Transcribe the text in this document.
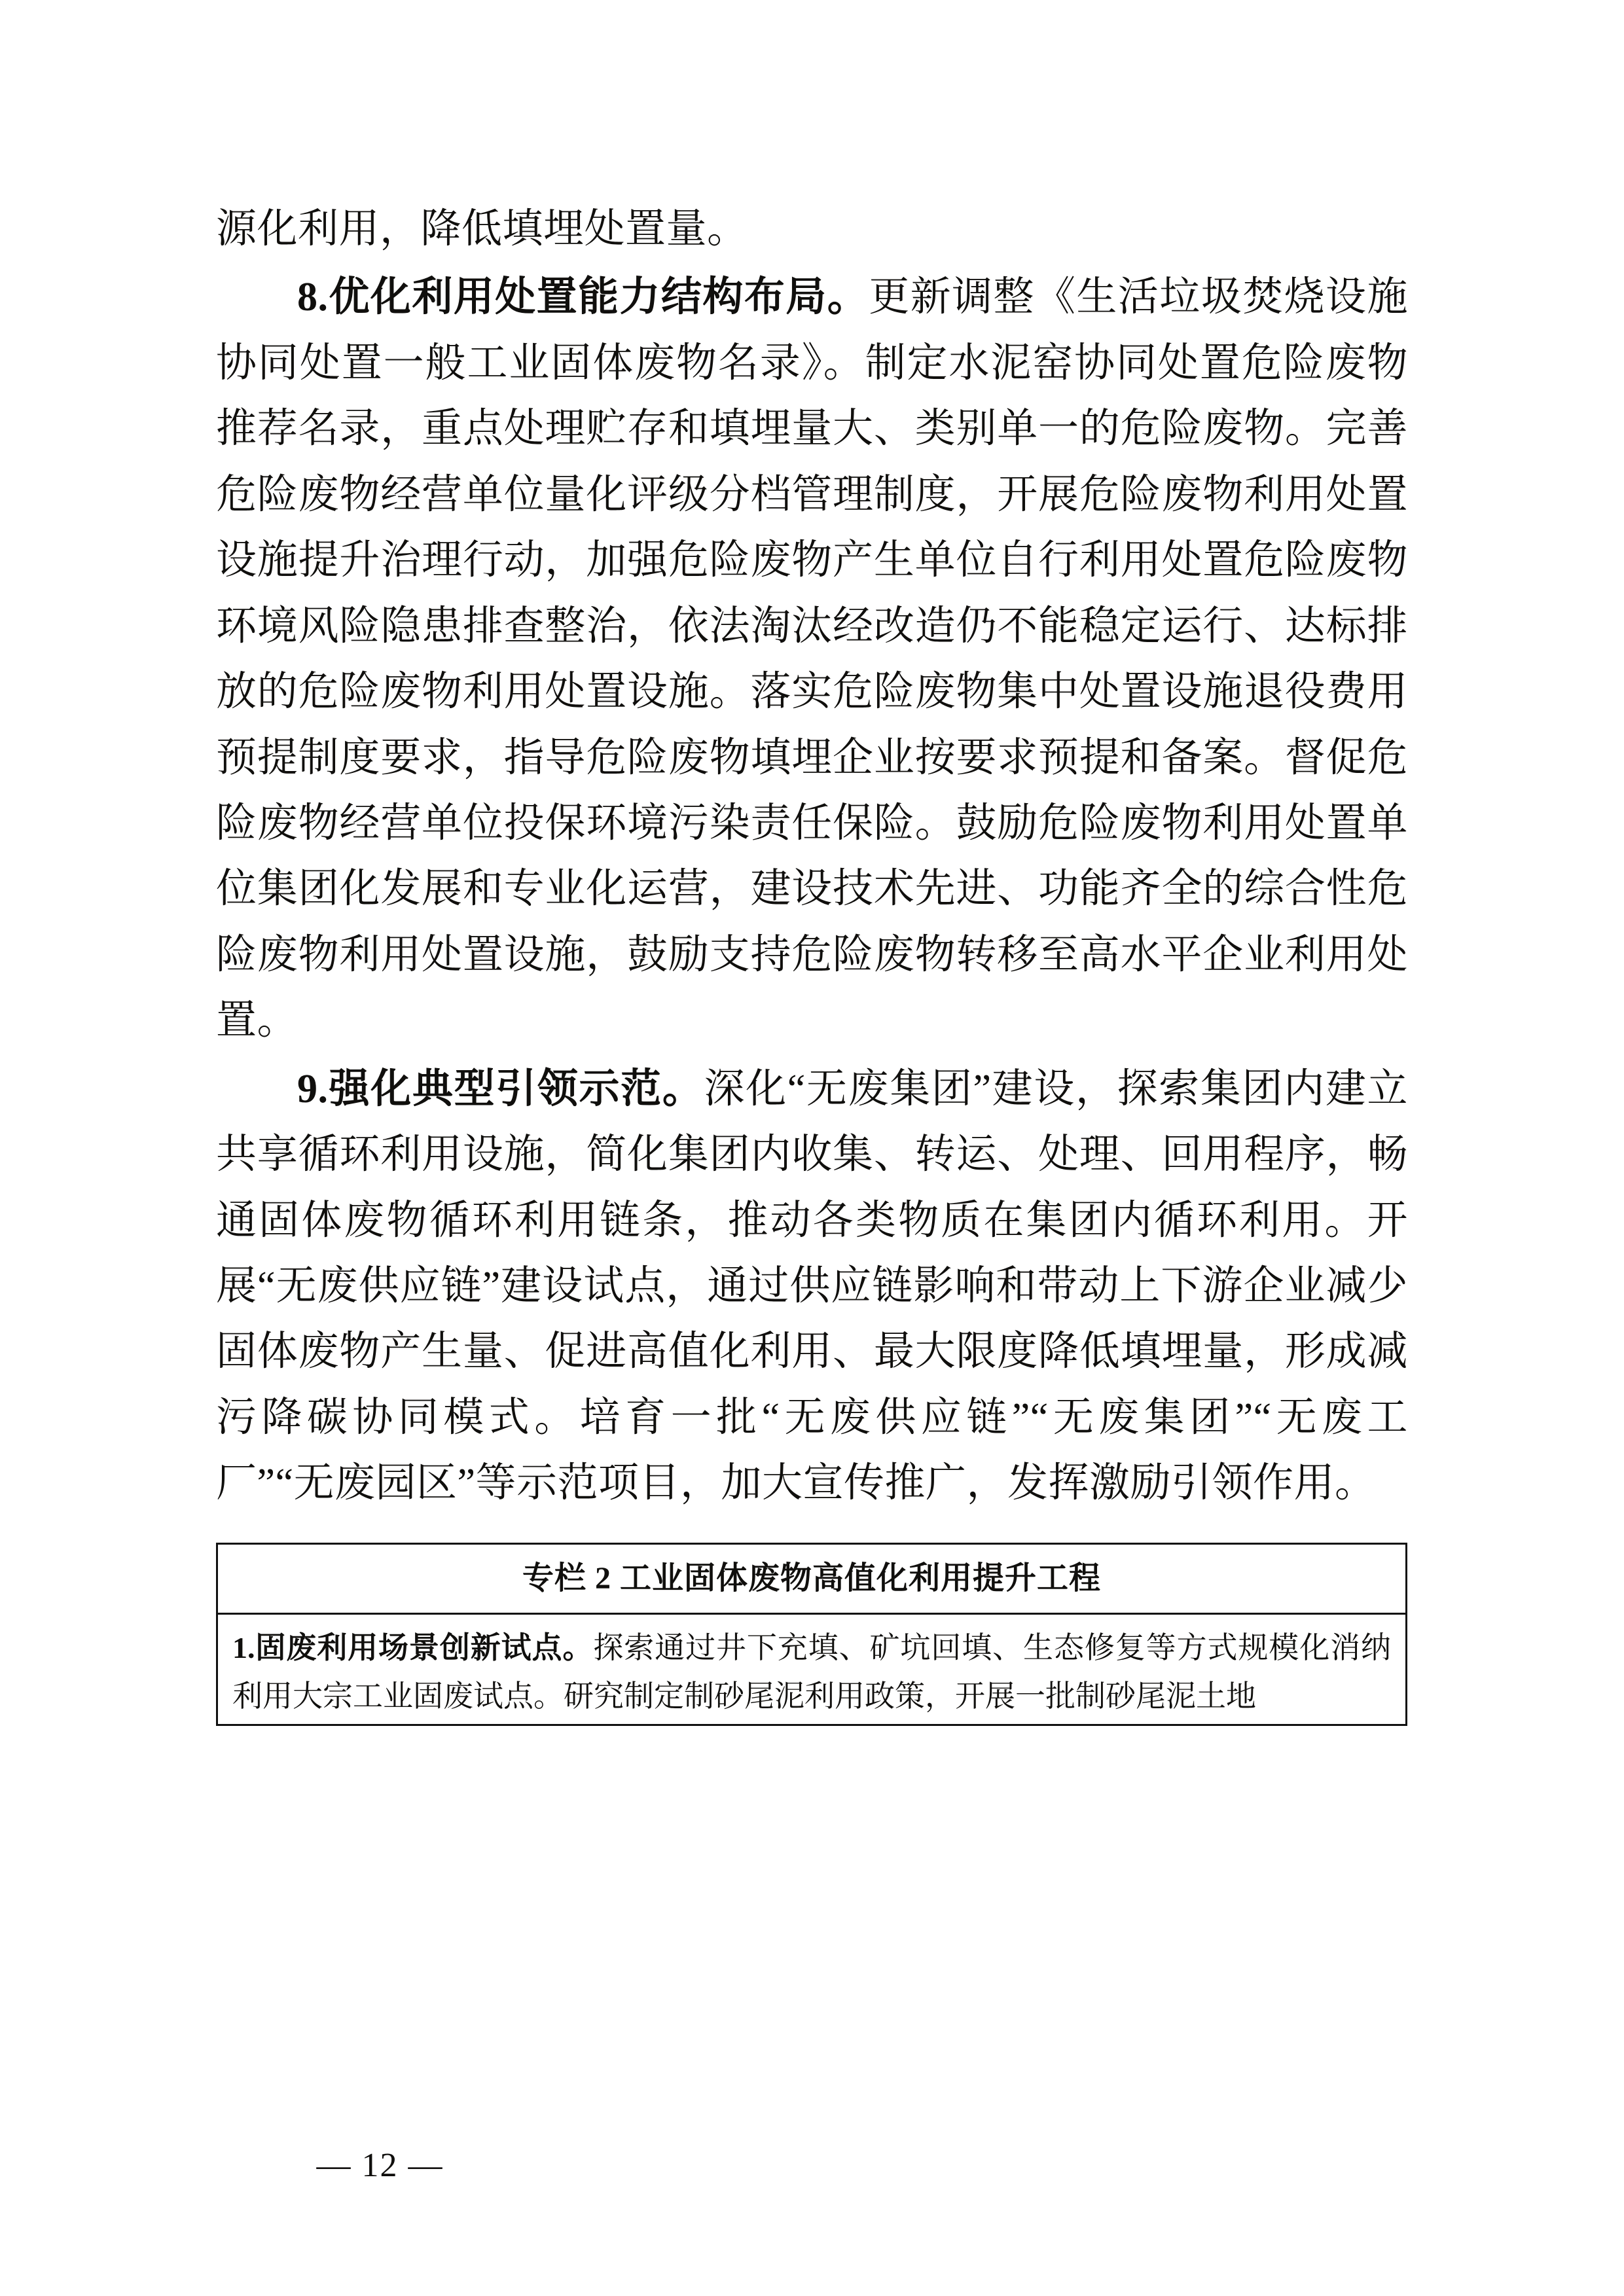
源化利用，降低填埋处置量。

8.优化利用处置能力结构布局。更新调整《生活垃圾焚烧设施协同处置一般工业固体废物名录》。制定水泥窑协同处置危险废物推荐名录，重点处理贮存和填埋量大、类别单一的危险废物。完善危险废物经营单位量化评级分档管理制度，开展危险废物利用处置设施提升治理行动，加强危险废物产生单位自行利用处置危险废物环境风险隐患排查整治，依法淘汰经改造仍不能稳定运行、达标排放的危险废物利用处置设施。落实危险废物集中处置设施退役费用预提制度要求，指导危险废物填埋企业按要求预提和备案。督促危险废物经营单位投保环境污染责任保险。鼓励危险废物利用处置单位集团化发展和专业化运营，建设技术先进、功能齐全的综合性危险废物利用处置设施，鼓励支持危险废物转移至高水平企业利用处置。

9.强化典型引领示范。深化“无废集团”建设，探索集团内建立共享循环利用设施，简化集团内收集、转运、处理、回用程序，畅通固体废物循环利用链条，推动各类物质在集团内循环利用。开展“无废供应链”建设试点，通过供应链影响和带动上下游企业减少固体废物产生量、促进高值化利用、最大限度降低填埋量，形成减污降碳协同模式。培育一批“无废供应链”“无废集团”“无废工厂”“无废园区”等示范项目，加大宣传推广，发挥激励引领作用。

专栏 2 工业固体废物高值化利用提升工程
1.固废利用场景创新试点。探索通过井下充填、矿坑回填、生态修复等方式规模化消纳利用大宗工业固废试点。研究制定制砂尾泥利用政策，开展一批制砂尾泥土地
— 12 —
